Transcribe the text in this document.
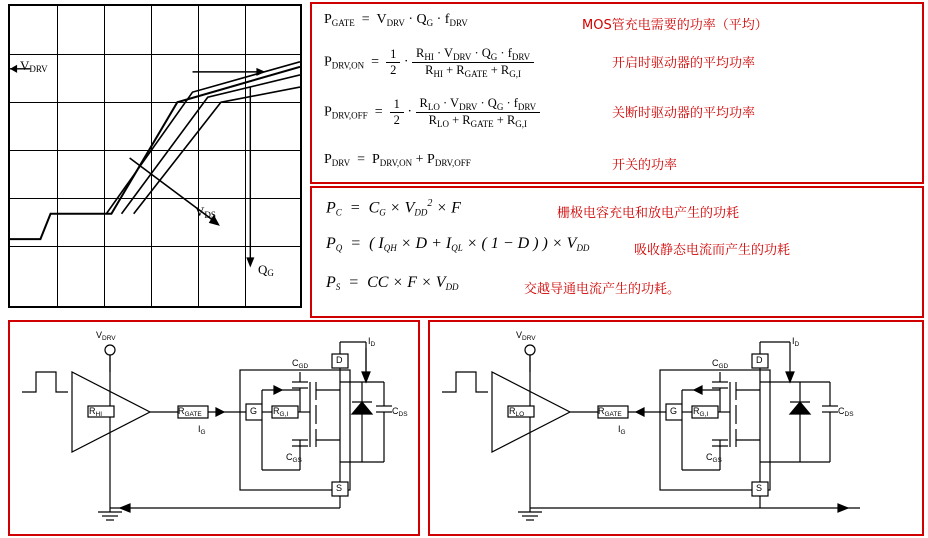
$V_{DRV}$
$V_{DS}$
$Q_G$
$P_{GATE} = V_{DRV} \cdot Q_G \cdot f_{DRV}$	MOS管充电需要的功率（平均）
$P_{DRV,ON} = \frac{1}{2} \cdot \frac{R_{HI} \cdot V_{DRV} \cdot Q_G \cdot f_{DRV}}{R_{HI} + R_{GATE} + R_{G,I}}$	开启时驱动器的平均功率
$P_{DRV,OFF} = \frac{1}{2} \cdot \frac{R_{LO} \cdot V_{DRV} \cdot Q_G \cdot f_{DRV}}{R_{LO} + R_{GATE} + R_{G,I}}$	关断时驱动器的平均功率
$P_{DRV} = P_{DRV,ON} + P_{DRV,OFF}$	开关的功率
PC  =  CG × $VDD^2 \times F$	栅极电容充电和放电产生的功耗
PQ  =  ( IQH × D + IQL × ( 1 − D ) ) × VDD	吸收静态电流而产生的功耗
PS  =  CC × F × VDD	交越导通电流产生的功耗。
$V_{DRV}$
$R_{HI}$	$R_{GATE}$	$R_{G,I}$
$I_G$
$I_D$
$C_{GD}$
$C_{GS}$
$C_{DS}$
G
D
S
$V_{DRV}$
$R_{LO}$	$R_{GATE}$	$R_{G,I}$
$I_G$
$I_D$
$C_{GD}$
$C_{GS}$
$C_{DS}$
G
D
S
